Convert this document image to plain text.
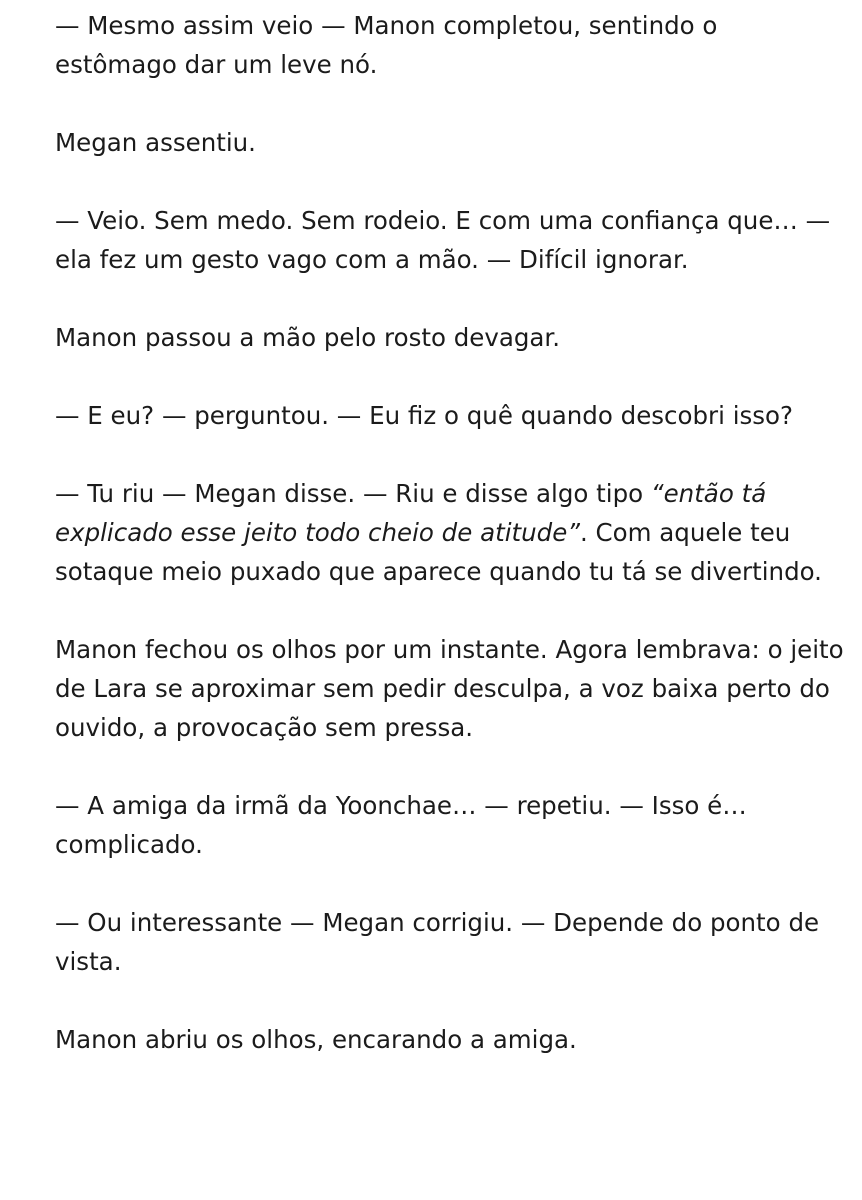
— Mesmo assim veio — Manon completou, sentindo o estômago dar um leve nó.

Megan assentiu.

— Veio. Sem medo. Sem rodeio. E com uma confiança que… — ela fez um gesto vago com a mão. — Difícil ignorar.

Manon passou a mão pelo rosto devagar.

— E eu? — perguntou. — Eu fiz o quê quando descobri isso?

— Tu riu — Megan disse. — Riu e disse algo tipo “então tá explicado esse jeito todo cheio de atitude”. Com aquele teu sotaque meio puxado que aparece quando tu tá se divertindo.

Manon fechou os olhos por um instante. Agora lembrava: o jeito de Lara se aproximar sem pedir desculpa, a voz baixa perto do ouvido, a provocação sem pressa.

— A amiga da irmã da Yoonchae… — repetiu. — Isso é… complicado.

— Ou interessante — Megan corrigiu. — Depende do ponto de vista.

Manon abriu os olhos, encarando a amiga.
